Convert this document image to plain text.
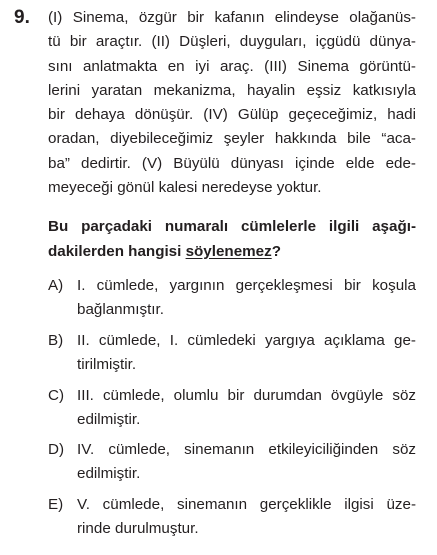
9. (I) Sinema, özgür bir kafanın elindeyse olağanüs-
tü bir araçtır. (II) Düşleri, duyguları, içgüdü dünya-
sını anlatmakta en iyi araç. (III) Sinema görüntü-
lerini yaratan mekanizma, hayalin eşsiz katkısıyla
bir dehaya dönüşür. (IV) Gülüp geçeceğimiz, hadi
oradan, diyebileceğimiz şeyler hakkında bile “aca-
ba” dedirtir. (V) Büyülü dünyası içinde elde ede-
meyeceği gönül kalesi neredeyse yoktur.
Bu parçadaki numaralı cümlelerle ilgili aşağı-
dakilerden hangisi söylenemez?
A) I. cümlede, yargının gerçekleşmesi bir koşula
bağlanmıştır.
B) II. cümlede, I. cümledeki yargıya açıklama ge-
tirilmiştir.
C) III. cümlede, olumlu bir durumdan övgüyle söz
edilmiştir.
D) IV. cümlede, sinemanın etkileyiciliğinden söz
edilmiştir.
E) V. cümlede, sinemanın gerçeklikle ilgisi üze-
rinde durulmuştur.
